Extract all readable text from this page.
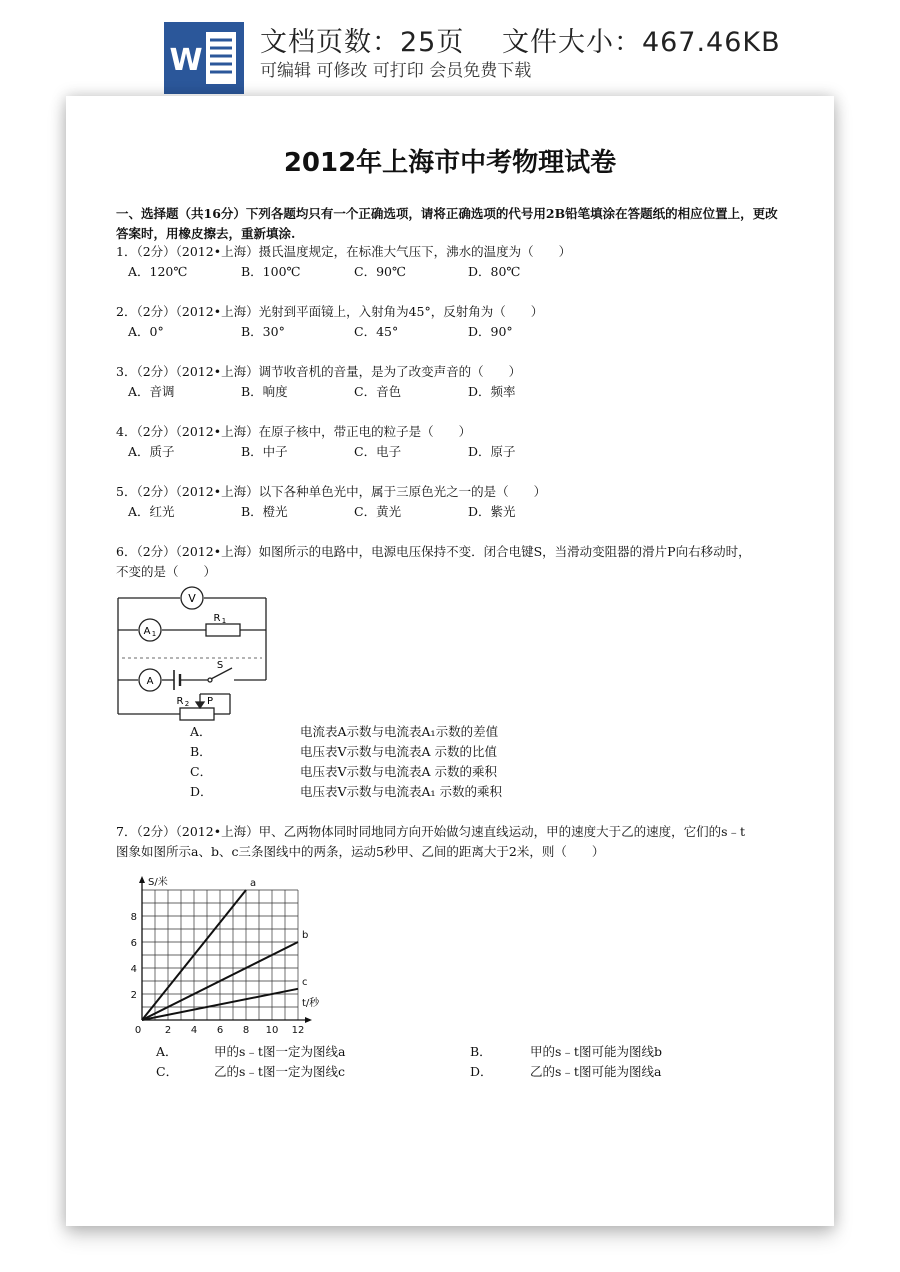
W
文档页数：25页　 文件大小：467.46KB
可编辑 可修改 可打印 会员免费下载
2012年上海市中考物理试卷
一、选择题（共16分）下列各题均只有一个正确选项，请将正确选项的代号用2B铅笔填涂在答题纸的相应位置上，更改答案时，用橡皮擦去，重新填涂.
1．（2分）（2012•上海）摄氏温度规定，在标准大气压下，沸水的温度为（　　）
A．120℃	B．100℃	C．90℃	D．80℃
2．（2分）（2012•上海）光射到平面镜上，入射角为45°，反射角为（　　）
A．0°	B．30°	C．45°	D．90°
3．（2分）（2012•上海）调节收音机的音量，是为了改变声音的（　　）
A．音调	B．响度	C．音色	D．频率
4．（2分）（2012•上海）在原子核中，带正电的粒子是（　　）
A．质子	B．中子	C．电子	D．原子
5．（2分）（2012•上海）以下各种单色光中，属于三原色光之一的是（　　）
A．红光	B．橙光	C．黄光	D．紫光
6．（2分）（2012•上海）如图所示的电路中，电源电压保持不变．闭合电键S，当滑动变阻器的滑片P向右移动时，
不变的是（　　）
V
A 1
R 1
A
S
R 2 P
A．	电流表A示数与电流表A₁示数的差值
B．	电压表V示数与电流表A 示数的比值
C．	电压表V示数与电流表A 示数的乘积
D．	电压表V示数与电流表A₁ 示数的乘积
7．（2分）（2012•上海）甲、乙两物体同时同地同方向开始做匀速直线运动，甲的速度大于乙的速度，它们的s﹣t
图象如图所示a、b、c三条图线中的两条，运动5秒甲、乙间的距离大于2米，则（　　）
0 2 4 6 8 10 12
2
4
6
8
S/米
t/秒
a
b
c
A．	甲的s﹣t图一定为图线a	B．	甲的s﹣t图可能为图线b
C．	乙的s﹣t图一定为图线c	D．	乙的s﹣t图可能为图线a
